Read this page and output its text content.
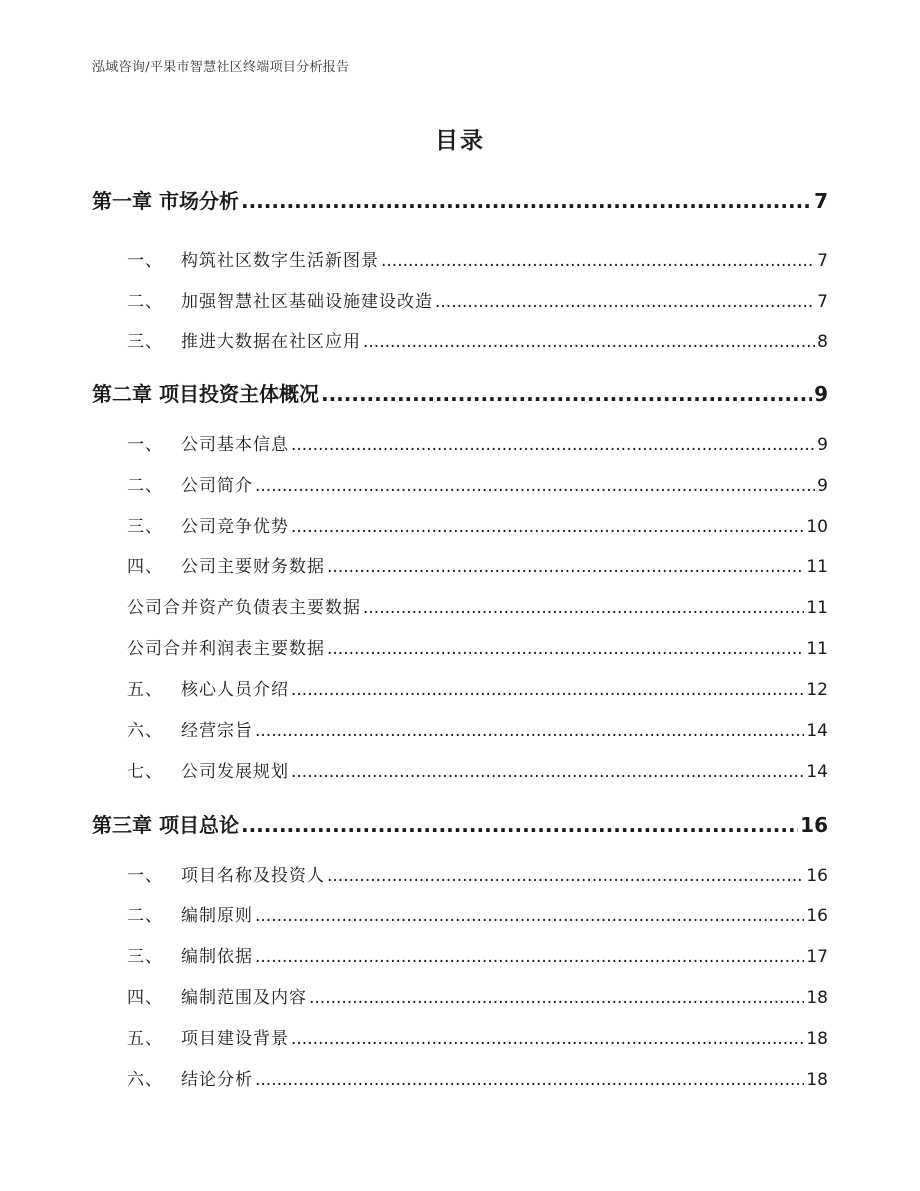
泓域咨询/平果市智慧社区终端项目分析报告
目录
第一章 市场分析 .....	7
一、 构筑社区数字生活新图景 .....	7
二、 加强智慧社区基础设施建设改造 .....	7
三、 推进大数据在社区应用 .....	8
第二章 项目投资主体概况 .....	9
一、 公司基本信息 .....	9
二、 公司简介 .....	9
三、 公司竞争优势 .....	10
四、 公司主要财务数据 .....	11
公司合并资产负债表主要数据 .....	11
公司合并利润表主要数据 .....	11
五、 核心人员介绍 .....	12
六、 经营宗旨 .....	14
七、 公司发展规划 .....	14
第三章 项目总论 .....	16
一、 项目名称及投资人 .....	16
二、 编制原则 .....	16
三、 编制依据 .....	17
四、 编制范围及内容 .....	18
五、 项目建设背景 .....	18
六、 结论分析 .....	18
